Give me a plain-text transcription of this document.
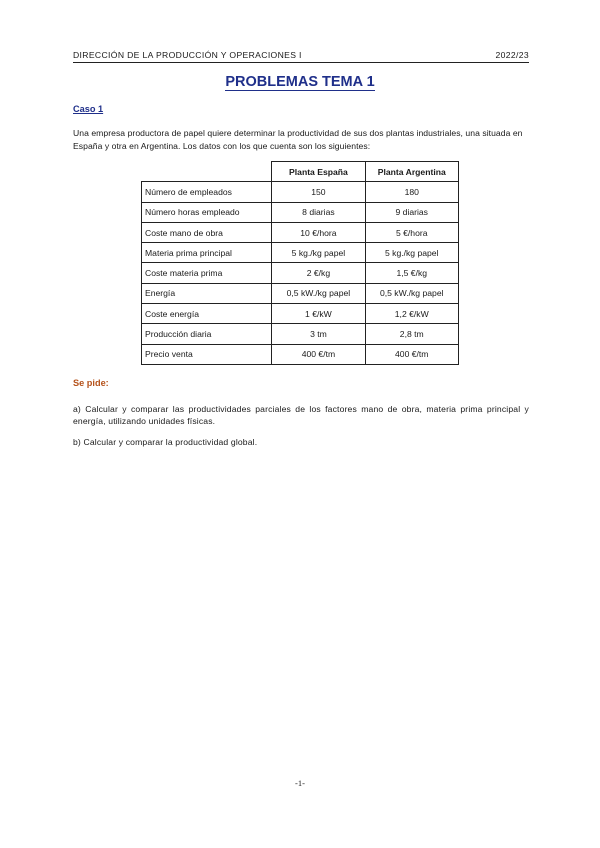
DIRECCIÓN DE LA PRODUCCIÓN Y OPERACIONES I	2022/23
PROBLEMAS TEMA 1
Caso 1
Una empresa productora de papel quiere determinar la productividad de sus dos plantas industriales, una situada en España y otra en Argentina. Los datos con los que cuenta son los siguientes:
	Planta España	Planta Argentina
Número de empleados	150	180
Número horas empleado	8 diarias	9 diarias
Coste mano de obra	10 €/hora	5 €/hora
Materia prima principal	5 kg./kg papel	5 kg./kg papel
Coste materia prima	2 €/kg	1,5 €/kg
Energía	0,5 kW./kg papel	0,5 kW./kg papel
Coste energía	1 €/kW	1,2 €/kW
Producción diaria	3 tm	2,8 tm
Precio venta	400 €/tm	400 €/tm
Se pide:
a) Calcular y comparar las productividades parciales de los factores mano de obra, materia prima principal y energía, utilizando unidades físicas.
b) Calcular y comparar la productividad global.
-1-
